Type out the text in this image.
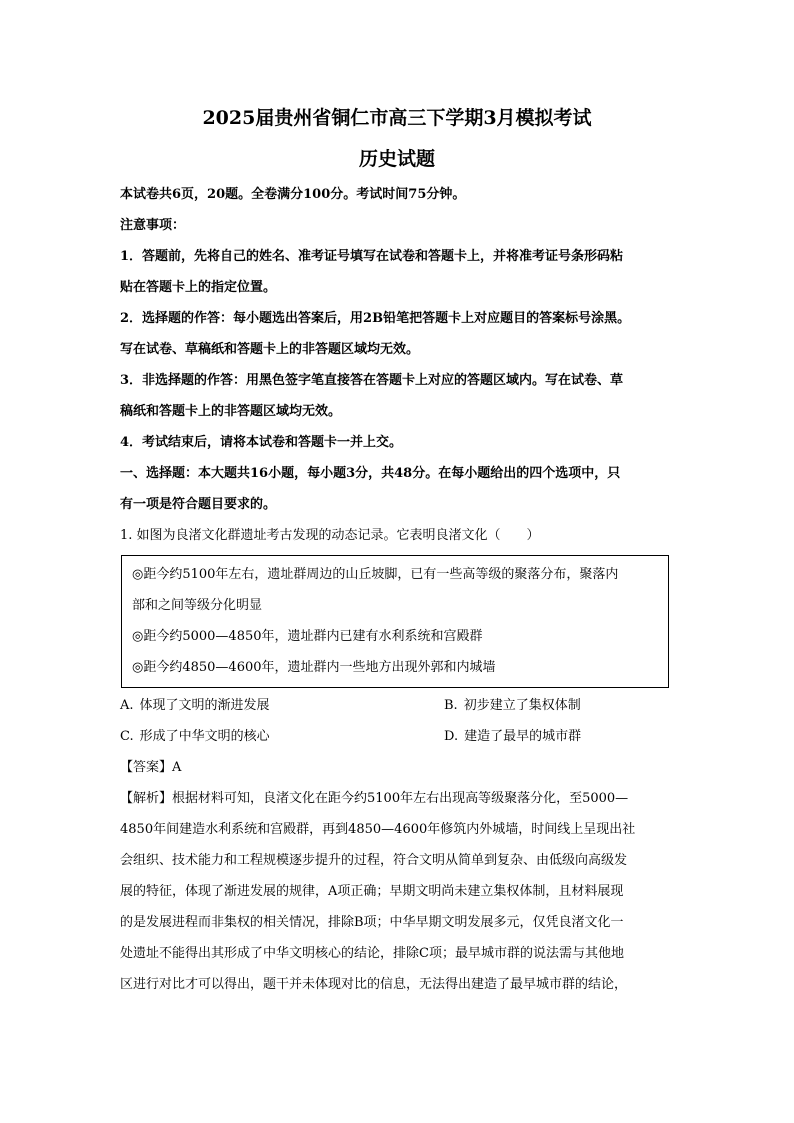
2025届贵州省铜仁市高三下学期3月模拟考试
历史试题
本试卷共6页，20题。全卷满分100分。考试时间75分钟。
注意事项：
1．答题前，先将自己的姓名、准考证号填写在试卷和答题卡上，并将准考证号条形码粘
贴在答题卡上的指定位置。
2．选择题的作答：每小题选出答案后，用2B铅笔把答题卡上对应题目的答案标号涂黑。
写在试卷、草稿纸和答题卡上的非答题区域均无效。
3．非选择题的作答：用黑色签字笔直接答在答题卡上对应的答题区域内。写在试卷、草
稿纸和答题卡上的非答题区域均无效。
4．考试结束后，请将本试卷和答题卡一并上交。
一、选择题：本大题共16小题，每小题3分，共48分。在每小题给出的四个选项中，只
有一项是符合题目要求的。
1. 如图为良渚文化群遗址考古发现的动态记录。它表明良渚文化（　　）
◎距今约5100年左右，遗址群周边的山丘坡脚，已有一些高等级的聚落分布，聚落内
部和之间等级分化明显
◎距今约5000—4850年，遗址群内已建有水利系统和宫殿群
◎距今约4850—4600年，遗址群内一些地方出现外郭和内城墙
A. 体现了文明的渐进发展	B. 初步建立了集权体制
C. 形成了中华文明的核心	D. 建造了最早的城市群
【答案】A
【解析】根据材料可知，良渚文化在距今约5100年左右出现高等级聚落分化，至5000—
4850年间建造水利系统和宫殿群，再到4850—4600年修筑内外城墙，时间线上呈现出社
会组织、技术能力和工程规模逐步提升的过程，符合文明从简单到复杂、由低级向高级发
展的特征，体现了渐进发展的规律，A项正确；早期文明尚未建立集权体制，且材料展现
的是发展进程而非集权的相关情况，排除B项；中华早期文明发展多元，仅凭良渚文化一
处遗址不能得出其形成了中华文明核心的结论，排除C项；最早城市群的说法需与其他地
区进行对比才可以得出，题干并未体现对比的信息，无法得出建造了最早城市群的结论，
